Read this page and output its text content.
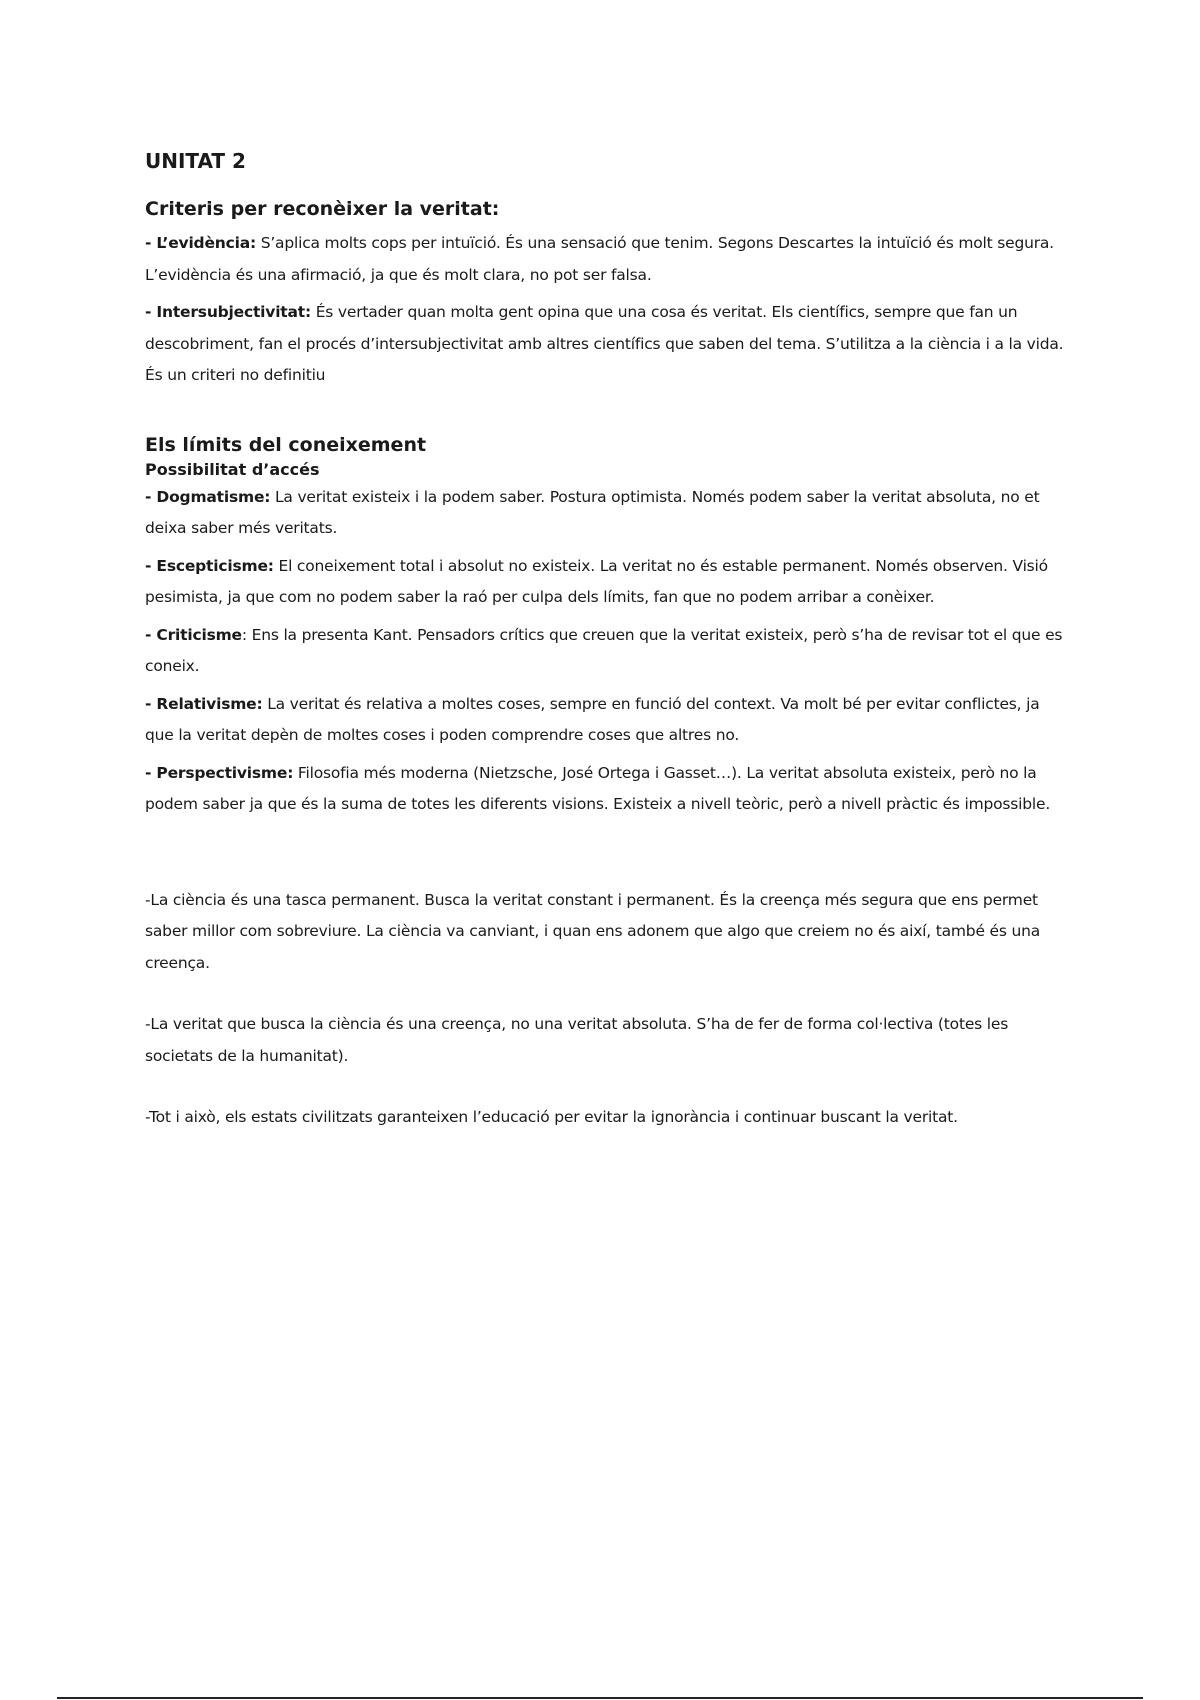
UNITAT 2
Criteris per reconèixer la veritat:

- L’evidència: S’aplica molts cops per intuïció. És una sensació que tenim. Segons Descartes la intuïció és molt segura. L’evidència és una afirmació, ja que és molt clara, no pot ser falsa.

- Intersubjectivitat: És vertader quan molta gent opina que una cosa és veritat. Els científics, sempre que fan un descobriment, fan el procés d’intersubjectivitat amb altres científics que saben del tema. S’utilitza a la ciència i a la vida. És un criteri no definitiu

Els límits del coneixement
Possibilitat d’accés

- Dogmatisme: La veritat existeix i la podem saber. Postura optimista. Només podem saber la veritat absoluta, no et deixa saber més veritats.

- Escepticisme: El coneixement total i absolut no existeix. La veritat no és estable permanent. Només observen. Visió pesimista, ja que com no podem saber la raó per culpa dels límits, fan que no podem arribar a conèixer.

- Criticisme: Ens la presenta Kant. Pensadors crítics que creuen que la veritat existeix, però s’ha de revisar tot el que es coneix.

- Relativisme: La veritat és relativa a moltes coses, sempre en funció del context. Va molt bé per evitar conflictes, ja que la veritat depèn de moltes coses i poden comprendre coses que altres no.

- Perspectivisme: Filosofia més moderna (Nietzsche, José Ortega i Gasset…). La veritat absoluta existeix, però no la podem saber ja que és la suma de totes les diferents visions. Existeix a nivell teòric, però a nivell pràctic és impossible.

-La ciència és una tasca permanent. Busca la veritat constant i permanent. És la creença més segura que ens permet saber millor com sobreviure. La ciència va canviant, i quan ens adonem que algo que creiem no és així, també és una creença.

-La veritat que busca la ciència és una creença, no una veritat absoluta. S’ha de fer de forma col·lectiva (totes les societats de la humanitat).

-Tot i això, els estats civilitzats garanteixen l’educació per evitar la ignorància i continuar buscant la veritat.
